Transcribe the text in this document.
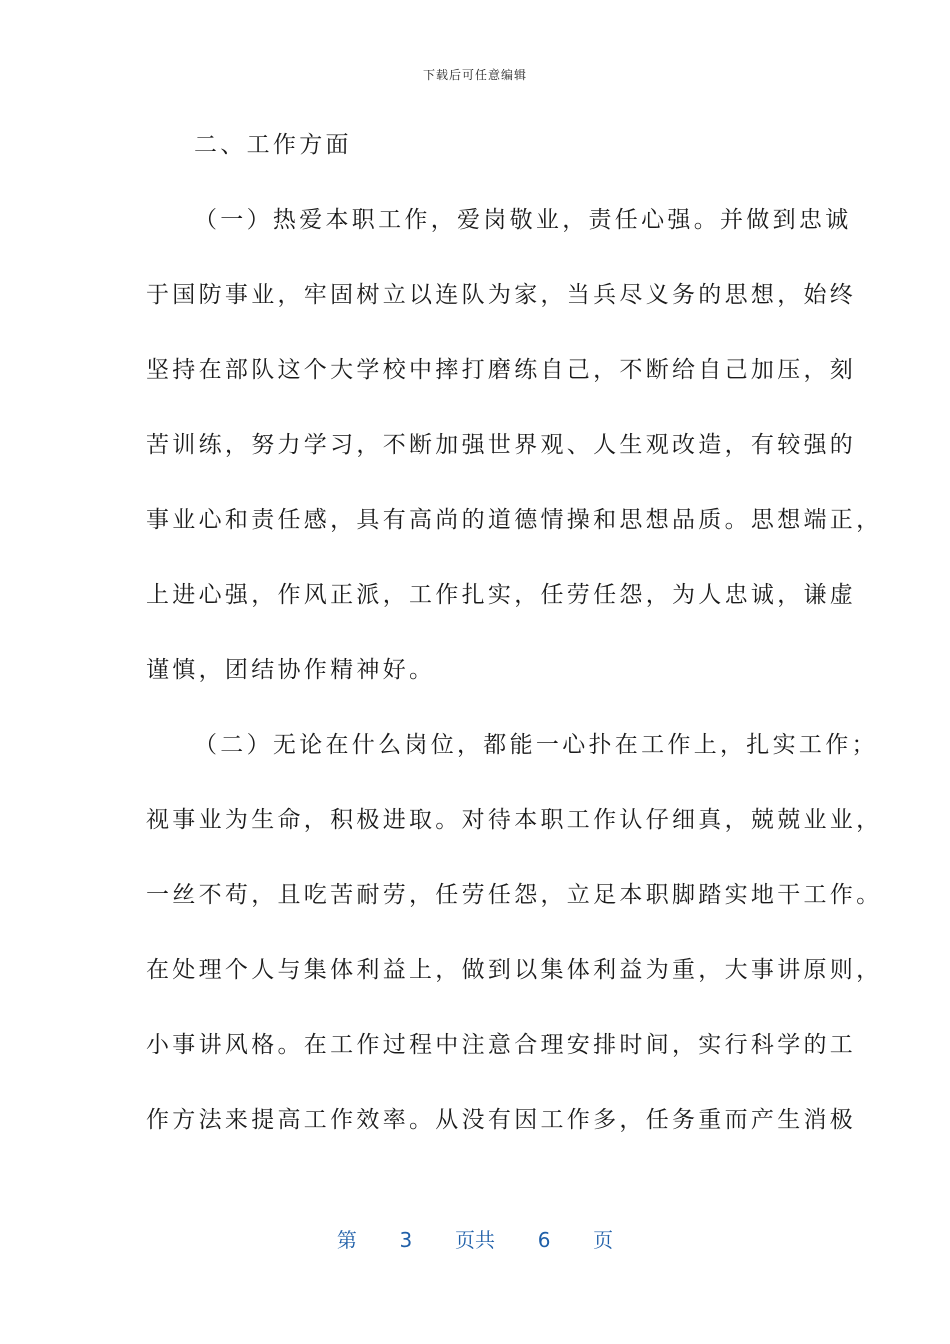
下载后可任意编辑
二、工作方面
（一）热爱本职工作，爱岗敬业，责任心强。并做到忠诚
于国防事业，牢固树立以连队为家，当兵尽义务的思想，始终
坚持在部队这个大学校中摔打磨练自己，不断给自己加压，刻
苦训练，努力学习，不断加强世界观、人生观改造，有较强的
事业心和责任感，具有高尚的道德情操和思想品质。思想端正，
上进心强，作风正派，工作扎实，任劳任怨，为人忠诚，谦虚
谨慎，团结协作精神好。
（二）无论在什么岗位，都能一心扑在工作上，扎实工作；
视事业为生命，积极进取。对待本职工作认仔细真，兢兢业业，
一丝不苟，且吃苦耐劳，任劳任怨，立足本职脚踏实地干工作。
在处理个人与集体利益上，做到以集体利益为重，大事讲原则，
小事讲风格。在工作过程中注意合理安排时间，实行科学的工
作方法来提高工作效率。从没有因工作多，任务重而产生消极
第 3 页共 6 页
